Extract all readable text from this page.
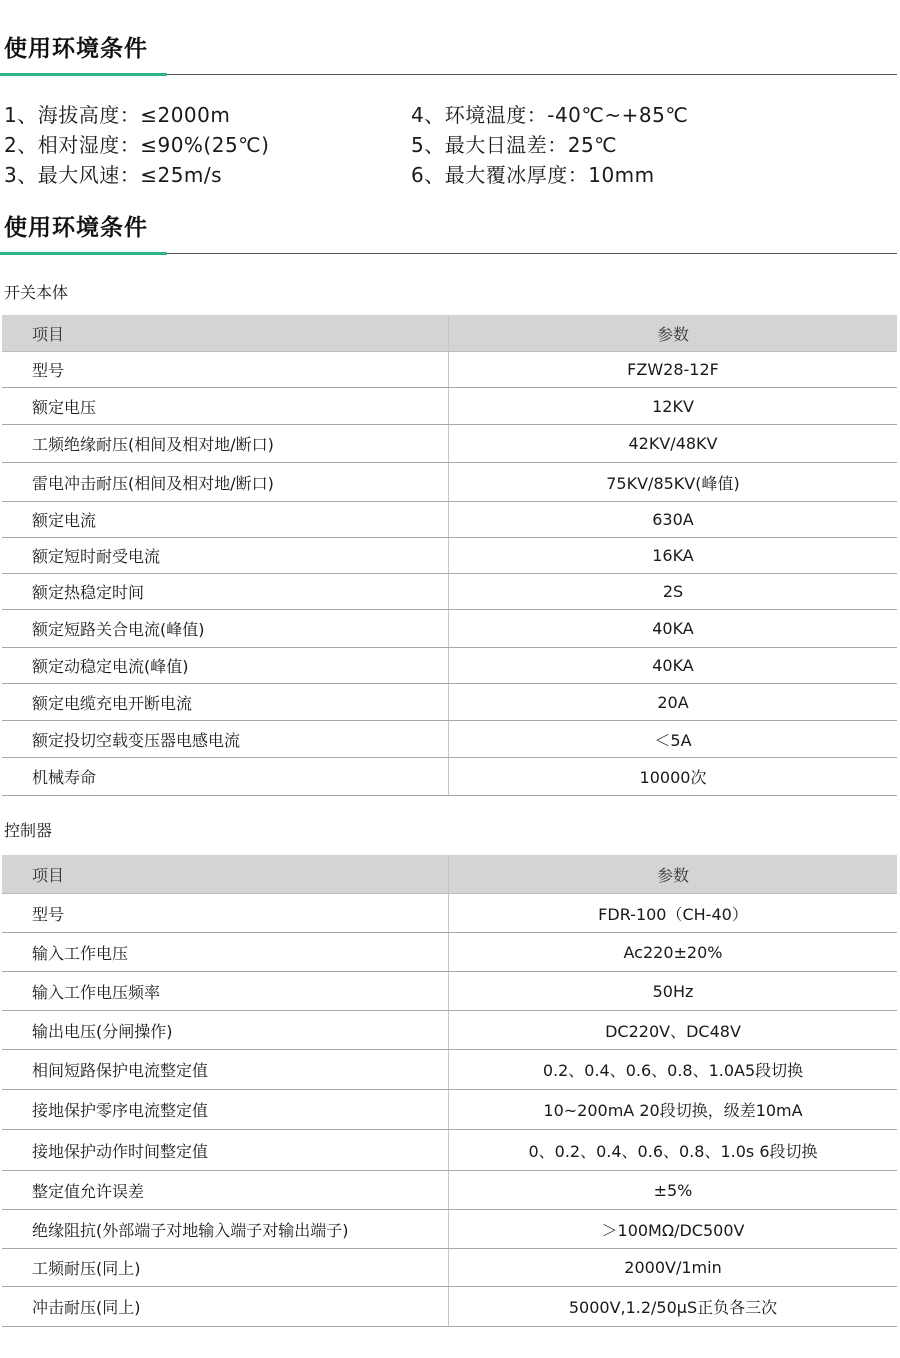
使用环境条件
1、海拔高度：≤2000m
2、相对湿度：≤90%(25℃)
3、最大风速：≤25m/s
4、环境温度：-40℃~+85℃
5、最大日温差：25℃
6、最大覆冰厚度：10mm
使用环境条件

开关本体

项目	参数
型号	FZW28-12F
额定电压	12KV
工频绝缘耐压(相间及相对地/断口)	42KV/48KV
雷电冲击耐压(相间及相对地/断口)	75KV/85KV(峰值)
额定电流	630A
额定短时耐受电流	16KA
额定热稳定时间	2S
额定短路关合电流(峰值)	40KA
额定动稳定电流(峰值)	40KA
额定电缆充电开断电流	20A
额定投切空载变压器电感电流	＜5A
机械寿命	10000次

控制器

项目	参数
型号	FDR-100（CH-40）
输入工作电压	Ac220±20%
输入工作电压频率	50Hz
输出电压(分闸操作)	DC220V、DC48V
相间短路保护电流整定值	0.2、0.4、0.6、0.8、1.0A5段切换
接地保护零序电流整定值	10~200mA 20段切换，级差10mA
接地保护动作时间整定值	0、0.2、0.4、0.6、0.8、1.0s 6段切换
整定值允许误差	±5%
绝缘阻抗(外部端子对地输入端子对输出端子)	＞100MΩ/DC500V
工频耐压(同上)	2000V/1min
冲击耐压(同上)	5000V,1.2/50μS正负各三次
